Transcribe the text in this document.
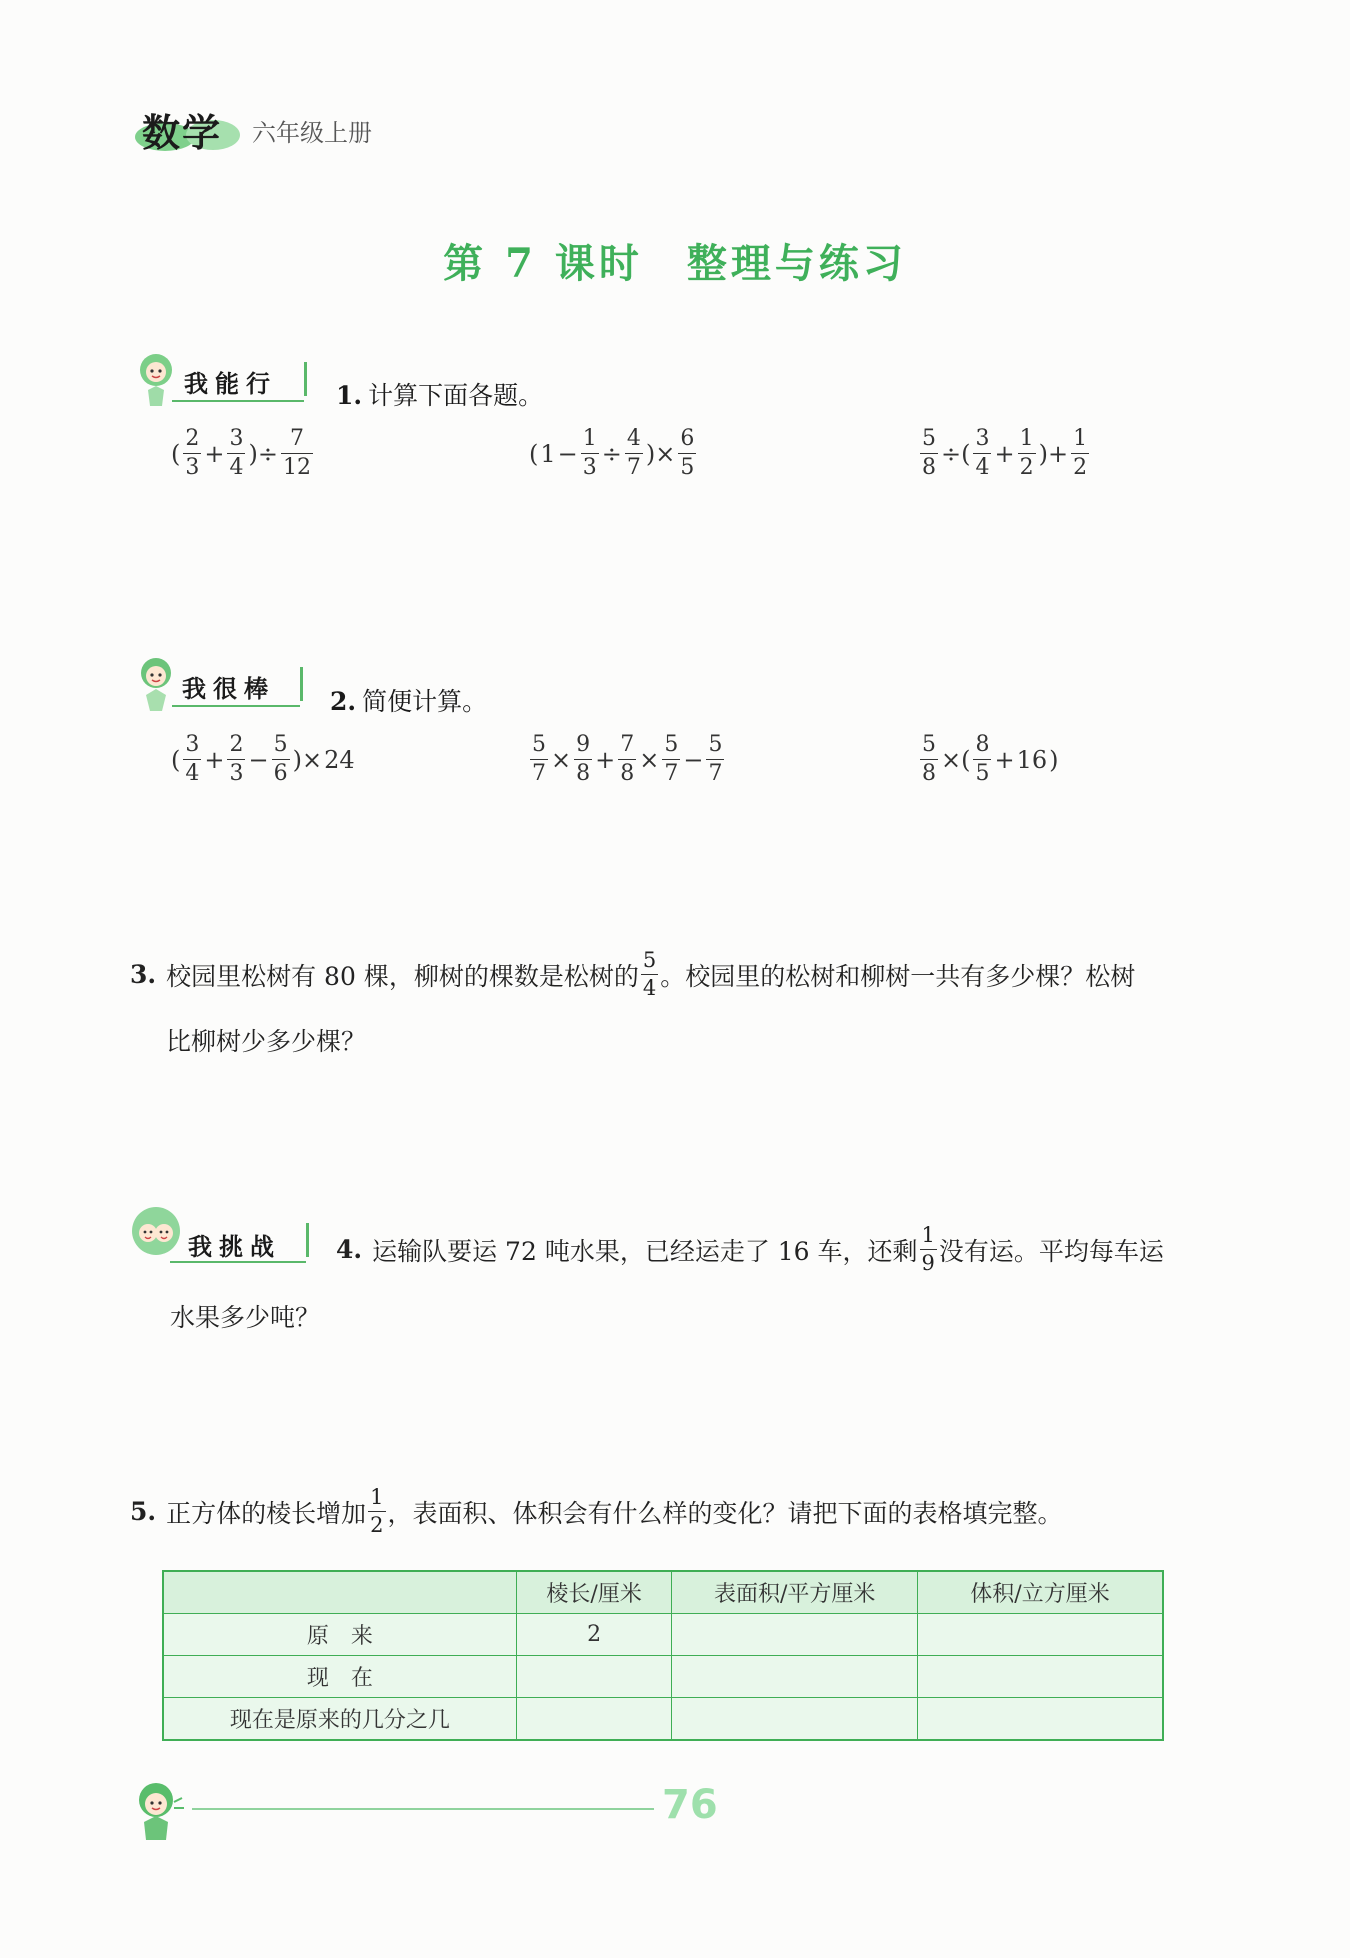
数学 六年级上册
第 7 课时　整理与练习
我能行 1. 计算下面各题。
( $\frac{2}{3} + \frac{3}{4}$ )÷ $\frac{7}{12}$	( $1 - \frac{1}{3} \div \frac{4}{7}$ )× $\frac{6}{5}$	$\frac{5}{8}$ ÷( $\frac{3}{4} + \frac{1}{2}$ )+ $\frac{1}{2}$
我很棒 2. 简便计算。
( $\frac{3}{4} + \frac{2}{3} - \frac{5}{6}$ )× 24	$\frac{5}{7} \times \frac{9}{8} + \frac{7}{8} \times \frac{5}{7} - \frac{5}{7}$	$\frac{5}{8}$ ×( $\frac{8}{5} + 16$ )
3. 校园里松树有 80 棵，柳树的棵数是松树的 $\frac{5}{4}$ 。校园里的松树和柳树一共有多少棵？松树
比柳树少多少棵？
我挑战 4. 运输队要运 72 吨水果，已经运走了 16 车，还剩 $\frac{1}{9}$ 没有运。平均每车运
水果多少吨？
5. 正方体的棱长增加 $\frac{1}{2}$ ，表面积、体积会有什么样的变化？请把下面的表格填完整。
	棱长/厘米	表面积/平方厘米	体积/立方厘米
原　来	2		
现　在			
现在是原来的几分之几			
76
